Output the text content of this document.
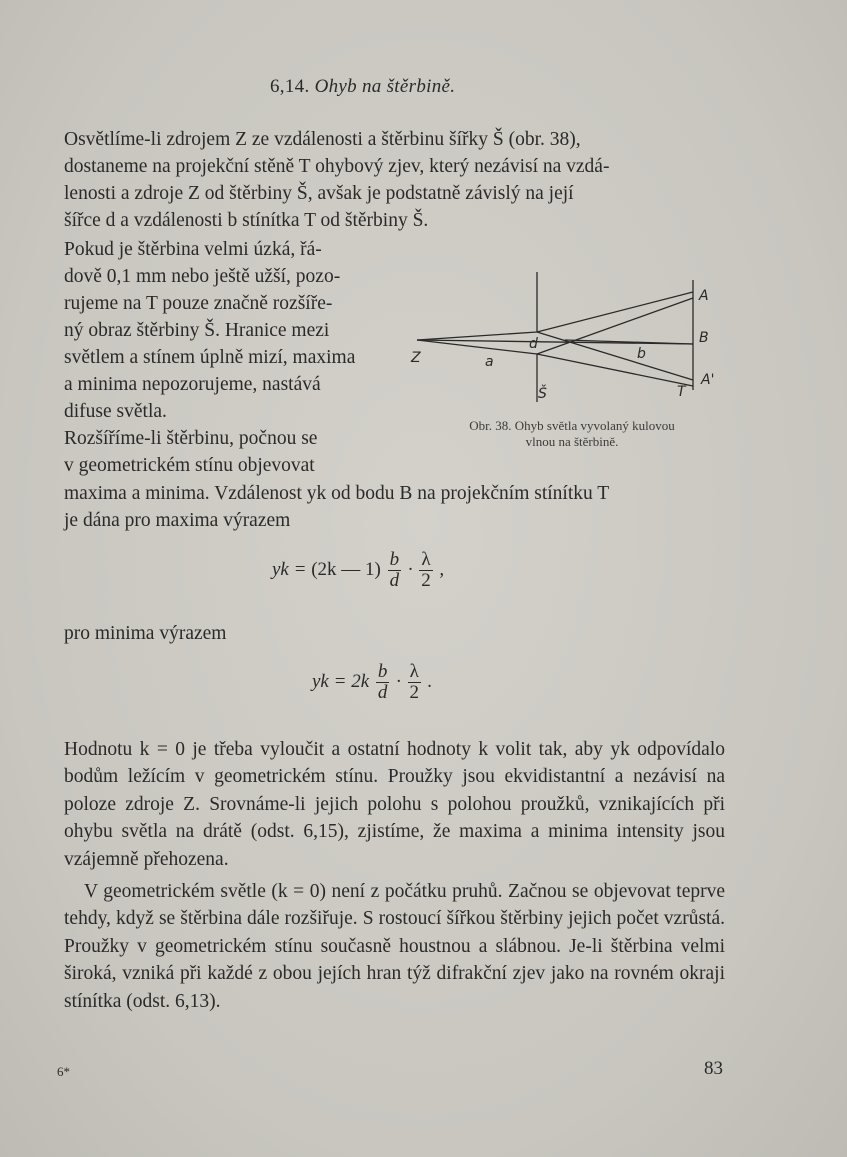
6,14. Ohyb na štěrbině.
Osvětlíme-li zdrojem Z ze vzdálenosti a štěrbinu šířky Š (obr. 38),
dostaneme na projekční stěně T ohybový zjev, který nezávisí na vzdá-
lenosti a zdroje Z od štěrbiny Š, avšak je podstatně závislý na její
šířce d a vzdálenosti b stínítka T od štěrbiny Š.
Pokud je štěrbina velmi úzká, řá-
dově 0,1 mm nebo ještě užší, pozo-
rujeme na T pouze značně rozšíře-
ný obraz štěrbiny Š. Hranice mezi
světlem a stínem úplně mizí, maxima
a minima nepozorujeme, nastává
difuse světla.
Rozšíříme-li štěrbinu, počnou se
v geometrickém stínu objevovat
A
B
A'
Z	a	b
d
Š	T
Obr. 38. Ohyb světla vyvolaný kulovou
vlnou na štěrbině.
maxima a minima. Vzdálenost yk od bodu B na projekčním stínítku T
je dána pro maxima výrazem
yk = (2k — $1) \frac{b}{d} \cdot \frac{\lambda}{2}$ ,
pro minima výrazem
yk = $2k \frac{b}{d} \cdot \frac{\lambda}{2}$ .

Hodnotu k = 0 je třeba vyloučit a ostatní hodnoty k volit tak, aby yk odpovídalo bodům ležícím v geometrickém stínu. Proužky jsou ekvidistantní a nezávisí na poloze zdroje Z. Srovnáme-li jejich polohu s polohou proužků, vznikajících při ohybu světla na drátě (odst. 6,15), zjistíme, že maxima a minima intensity jsou vzájemně přehozena.

V geometrickém světle (k = 0) není z počátku pruhů. Začnou se objevovat teprve tehdy, když se štěrbina dále rozšiřuje. S rostoucí šířkou štěrbiny jejich počet vzrůstá. Proužky v geometrickém stínu současně houstnou a slábnou. Je-li štěrbina velmi široká, vzniká při každé z obou jejích hran týž difrakční zjev jako na rovném okraji stínítka (odst. 6,13).

6*	83
